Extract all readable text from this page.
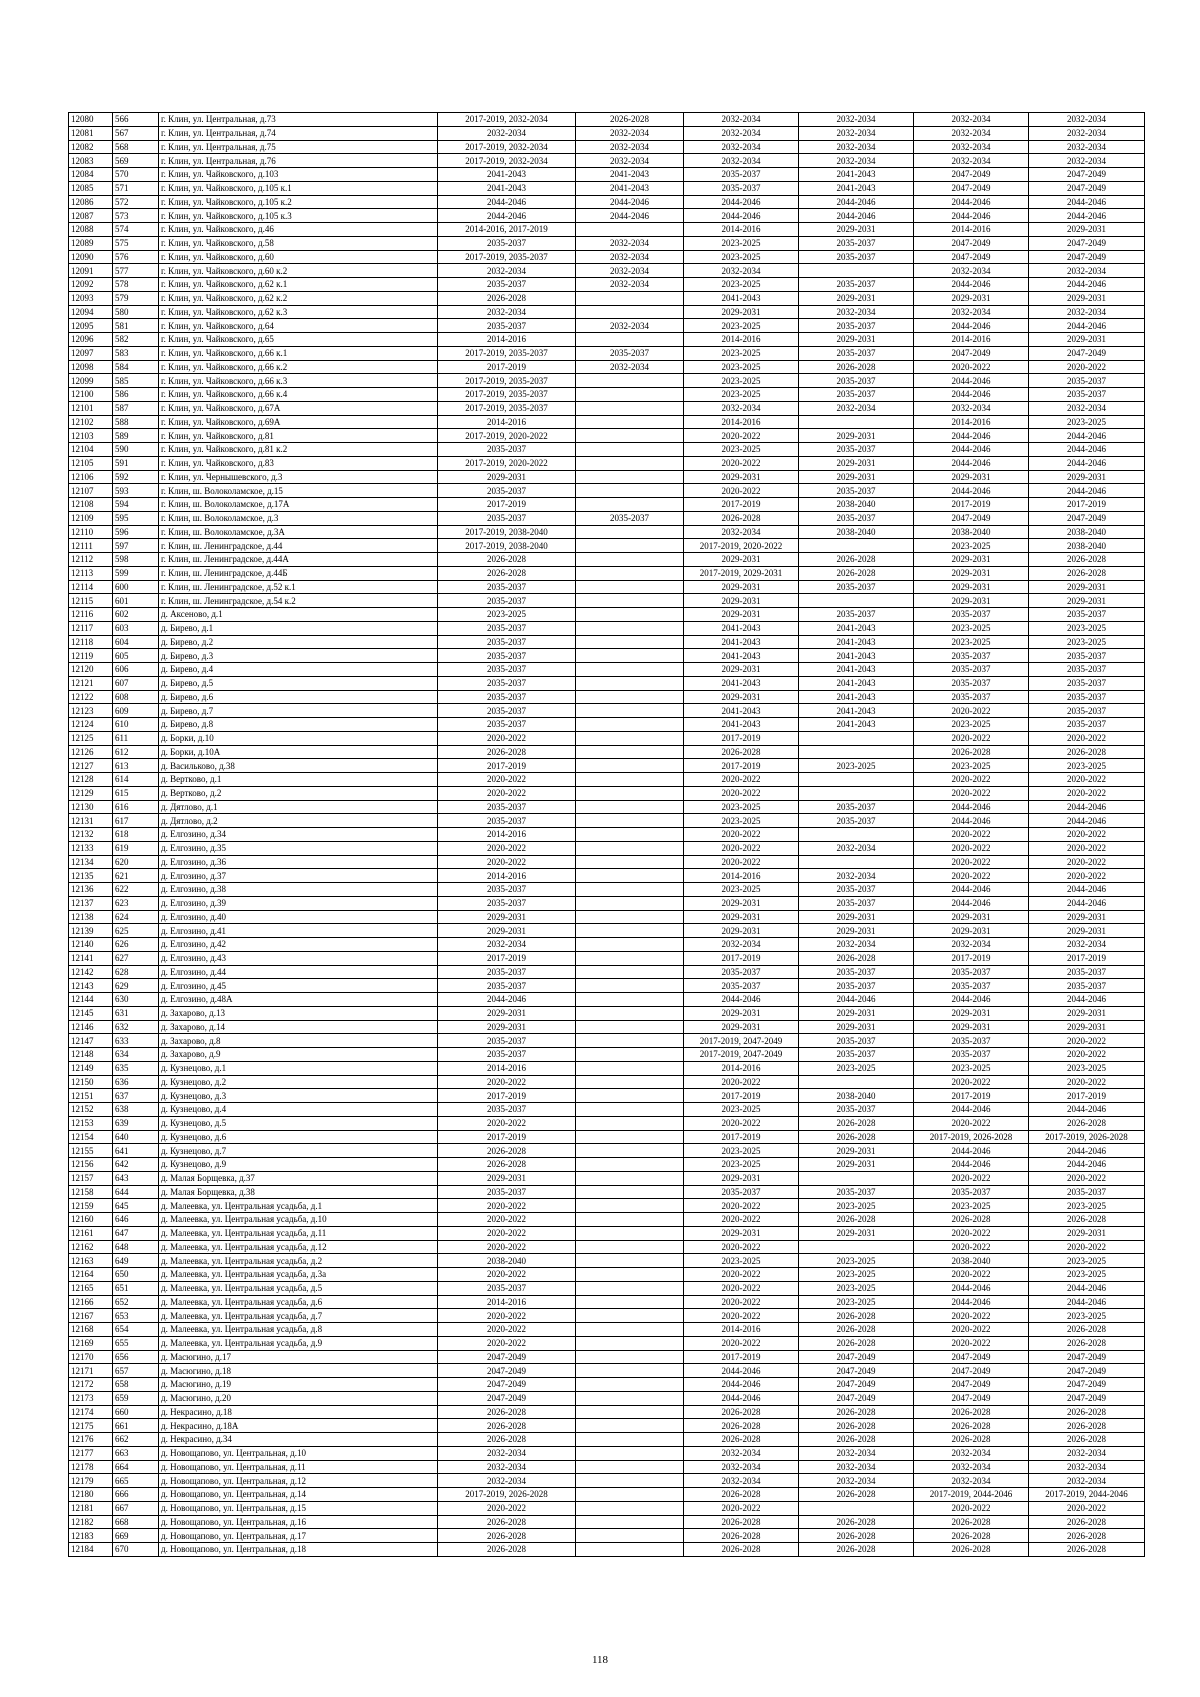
12080	566	г. Клин, ул. Центральная, д.73	2017-2019, 2032-2034	2026-2028	2032-2034	2032-2034	2032-2034	2032-2034
12081	567	г. Клин, ул. Центральная, д.74	2032-2034	2032-2034	2032-2034	2032-2034	2032-2034	2032-2034
12082	568	г. Клин, ул. Центральная, д.75	2017-2019, 2032-2034	2032-2034	2032-2034	2032-2034	2032-2034	2032-2034
12083	569	г. Клин, ул. Центральная, д.76	2017-2019, 2032-2034	2032-2034	2032-2034	2032-2034	2032-2034	2032-2034
12084	570	г. Клин, ул. Чайковского, д.103	2041-2043	2041-2043	2035-2037	2041-2043	2047-2049	2047-2049
12085	571	г. Клин, ул. Чайковского, д.105 к.1	2041-2043	2041-2043	2035-2037	2041-2043	2047-2049	2047-2049
12086	572	г. Клин, ул. Чайковского, д.105 к.2	2044-2046	2044-2046	2044-2046	2044-2046	2044-2046	2044-2046
12087	573	г. Клин, ул. Чайковского, д.105 к.3	2044-2046	2044-2046	2044-2046	2044-2046	2044-2046	2044-2046
12088	574	г. Клин, ул. Чайковского, д.46	2014-2016, 2017-2019		2014-2016	2029-2031	2014-2016	2029-2031
12089	575	г. Клин, ул. Чайковского, д.58	2035-2037	2032-2034	2023-2025	2035-2037	2047-2049	2047-2049
12090	576	г. Клин, ул. Чайковского, д.60	2017-2019, 2035-2037	2032-2034	2023-2025	2035-2037	2047-2049	2047-2049
12091	577	г. Клин, ул. Чайковского, д.60 к.2	2032-2034	2032-2034	2032-2034		2032-2034	2032-2034
12092	578	г. Клин, ул. Чайковского, д.62 к.1	2035-2037	2032-2034	2023-2025	2035-2037	2044-2046	2044-2046
12093	579	г. Клин, ул. Чайковского, д.62 к.2	2026-2028		2041-2043	2029-2031	2029-2031	2029-2031
12094	580	г. Клин, ул. Чайковского, д.62 к.3	2032-2034		2029-2031	2032-2034	2032-2034	2032-2034
12095	581	г. Клин, ул. Чайковского, д.64	2035-2037	2032-2034	2023-2025	2035-2037	2044-2046	2044-2046
12096	582	г. Клин, ул. Чайковского, д.65	2014-2016		2014-2016	2029-2031	2014-2016	2029-2031
12097	583	г. Клин, ул. Чайковского, д.66 к.1	2017-2019, 2035-2037	2035-2037	2023-2025	2035-2037	2047-2049	2047-2049
12098	584	г. Клин, ул. Чайковского, д.66 к.2	2017-2019	2032-2034	2023-2025	2026-2028	2020-2022	2020-2022
12099	585	г. Клин, ул. Чайковского, д.66 к.3	2017-2019, 2035-2037		2023-2025	2035-2037	2044-2046	2035-2037
12100	586	г. Клин, ул. Чайковского, д.66 к.4	2017-2019, 2035-2037		2023-2025	2035-2037	2044-2046	2035-2037
12101	587	г. Клин, ул. Чайковского, д.67А	2017-2019, 2035-2037		2032-2034	2032-2034	2032-2034	2032-2034
12102	588	г. Клин, ул. Чайковского, д.69А	2014-2016		2014-2016		2014-2016	2023-2025
12103	589	г. Клин, ул. Чайковского, д.81	2017-2019, 2020-2022		2020-2022	2029-2031	2044-2046	2044-2046
12104	590	г. Клин, ул. Чайковского, д.81 к.2	2035-2037		2023-2025	2035-2037	2044-2046	2044-2046
12105	591	г. Клин, ул. Чайковского, д.83	2017-2019, 2020-2022		2020-2022	2029-2031	2044-2046	2044-2046
12106	592	г. Клин, ул. Чернышевского, д.3	2029-2031		2029-2031	2029-2031	2029-2031	2029-2031
12107	593	г. Клин, ш. Волоколамское, д.15	2035-2037		2020-2022	2035-2037	2044-2046	2044-2046
12108	594	г. Клин, ш. Волоколамское, д.17А	2017-2019		2017-2019	2038-2040	2017-2019	2017-2019
12109	595	г. Клин, ш. Волоколамское, д.3	2035-2037	2035-2037	2026-2028	2035-2037	2047-2049	2047-2049
12110	596	г. Клин, ш. Волоколамское, д.3А	2017-2019, 2038-2040		2032-2034	2038-2040	2038-2040	2038-2040
12111	597	г. Клин, ш. Ленинградское, д.44	2017-2019, 2038-2040		2017-2019, 2020-2022		2023-2025	2038-2040
12112	598	г. Клин, ш. Ленинградское, д.44А	2026-2028		2029-2031	2026-2028	2029-2031	2026-2028
12113	599	г. Клин, ш. Ленинградское, д.44Б	2026-2028		2017-2019, 2029-2031	2026-2028	2029-2031	2026-2028
12114	600	г. Клин, ш. Ленинградское, д.52 к.1	2035-2037		2029-2031	2035-2037	2029-2031	2029-2031
12115	601	г. Клин, ш. Ленинградское, д.54 к.2	2035-2037		2029-2031		2029-2031	2029-2031
12116	602	д. Аксеново, д.1	2023-2025		2029-2031	2035-2037	2035-2037	2035-2037
12117	603	д. Бирево, д.1	2035-2037		2041-2043	2041-2043	2023-2025	2023-2025
12118	604	д. Бирево, д.2	2035-2037		2041-2043	2041-2043	2023-2025	2023-2025
12119	605	д. Бирево, д.3	2035-2037		2041-2043	2041-2043	2035-2037	2035-2037
12120	606	д. Бирево, д.4	2035-2037		2029-2031	2041-2043	2035-2037	2035-2037
12121	607	д. Бирево, д.5	2035-2037		2041-2043	2041-2043	2035-2037	2035-2037
12122	608	д. Бирево, д.6	2035-2037		2029-2031	2041-2043	2035-2037	2035-2037
12123	609	д. Бирево, д.7	2035-2037		2041-2043	2041-2043	2020-2022	2035-2037
12124	610	д. Бирево, д.8	2035-2037		2041-2043	2041-2043	2023-2025	2035-2037
12125	611	д. Борки, д.10	2020-2022		2017-2019		2020-2022	2020-2022
12126	612	д. Борки, д.10А	2026-2028		2026-2028		2026-2028	2026-2028
12127	613	д. Васильково, д.38	2017-2019		2017-2019	2023-2025	2023-2025	2023-2025
12128	614	д. Вертково, д.1	2020-2022		2020-2022		2020-2022	2020-2022
12129	615	д. Вертково, д.2	2020-2022		2020-2022		2020-2022	2020-2022
12130	616	д. Дятлово, д.1	2035-2037		2023-2025	2035-2037	2044-2046	2044-2046
12131	617	д. Дятлово, д.2	2035-2037		2023-2025	2035-2037	2044-2046	2044-2046
12132	618	д. Елгозино, д.34	2014-2016		2020-2022		2020-2022	2020-2022
12133	619	д. Елгозино, д.35	2020-2022		2020-2022	2032-2034	2020-2022	2020-2022
12134	620	д. Елгозино, д.36	2020-2022		2020-2022		2020-2022	2020-2022
12135	621	д. Елгозино, д.37	2014-2016		2014-2016	2032-2034	2020-2022	2020-2022
12136	622	д. Елгозино, д.38	2035-2037		2023-2025	2035-2037	2044-2046	2044-2046
12137	623	д. Елгозино, д.39	2035-2037		2029-2031	2035-2037	2044-2046	2044-2046
12138	624	д. Елгозино, д.40	2029-2031		2029-2031	2029-2031	2029-2031	2029-2031
12139	625	д. Елгозино, д.41	2029-2031		2029-2031	2029-2031	2029-2031	2029-2031
12140	626	д. Елгозино, д.42	2032-2034		2032-2034	2032-2034	2032-2034	2032-2034
12141	627	д. Елгозино, д.43	2017-2019		2017-2019	2026-2028	2017-2019	2017-2019
12142	628	д. Елгозино, д.44	2035-2037		2035-2037	2035-2037	2035-2037	2035-2037
12143	629	д. Елгозино, д.45	2035-2037		2035-2037	2035-2037	2035-2037	2035-2037
12144	630	д. Елгозино, д.48А	2044-2046		2044-2046	2044-2046	2044-2046	2044-2046
12145	631	д. Захарово, д.13	2029-2031		2029-2031	2029-2031	2029-2031	2029-2031
12146	632	д. Захарово, д.14	2029-2031		2029-2031	2029-2031	2029-2031	2029-2031
12147	633	д. Захарово, д.8	2035-2037		2017-2019, 2047-2049	2035-2037	2035-2037	2020-2022
12148	634	д. Захарово, д.9	2035-2037		2017-2019, 2047-2049	2035-2037	2035-2037	2020-2022
12149	635	д. Кузнецово, д.1	2014-2016		2014-2016	2023-2025	2023-2025	2023-2025
12150	636	д. Кузнецово, д.2	2020-2022		2020-2022		2020-2022	2020-2022
12151	637	д. Кузнецово, д.3	2017-2019		2017-2019	2038-2040	2017-2019	2017-2019
12152	638	д. Кузнецово, д.4	2035-2037		2023-2025	2035-2037	2044-2046	2044-2046
12153	639	д. Кузнецово, д.5	2020-2022		2020-2022	2026-2028	2020-2022	2026-2028
12154	640	д. Кузнецово, д.6	2017-2019		2017-2019	2026-2028	2017-2019, 2026-2028	2017-2019, 2026-2028
12155	641	д. Кузнецово, д.7	2026-2028		2023-2025	2029-2031	2044-2046	2044-2046
12156	642	д. Кузнецово, д.9	2026-2028		2023-2025	2029-2031	2044-2046	2044-2046
12157	643	д. Малая Борщевка, д.37	2029-2031		2029-2031		2020-2022	2020-2022
12158	644	д. Малая Борщевка, д.38	2035-2037		2035-2037	2035-2037	2035-2037	2035-2037
12159	645	д. Малеевка, ул. Центральная усадьба, д.1	2020-2022		2020-2022	2023-2025	2023-2025	2023-2025
12160	646	д. Малеевка, ул. Центральная усадьба, д.10	2020-2022		2020-2022	2026-2028	2026-2028	2026-2028
12161	647	д. Малеевка, ул. Центральная усадьба, д.11	2020-2022		2029-2031	2029-2031	2020-2022	2029-2031
12162	648	д. Малеевка, ул. Центральная усадьба, д.12	2020-2022		2020-2022		2020-2022	2020-2022
12163	649	д. Малеевка, ул. Центральная усадьба, д.2	2038-2040		2023-2025	2023-2025	2038-2040	2023-2025
12164	650	д. Малеевка, ул. Центральная усадьба, д.3а	2020-2022		2020-2022	2023-2025	2020-2022	2023-2025
12165	651	д. Малеевка, ул. Центральная усадьба, д.5	2035-2037		2020-2022	2023-2025	2044-2046	2044-2046
12166	652	д. Малеевка, ул. Центральная усадьба, д.6	2014-2016		2020-2022	2023-2025	2044-2046	2044-2046
12167	653	д. Малеевка, ул. Центральная усадьба, д.7	2020-2022		2020-2022	2026-2028	2020-2022	2023-2025
12168	654	д. Малеевка, ул. Центральная усадьба, д.8	2020-2022		2014-2016	2026-2028	2020-2022	2026-2028
12169	655	д. Малеевка, ул. Центральная усадьба, д.9	2020-2022		2020-2022	2026-2028	2020-2022	2026-2028
12170	656	д. Масюгино, д.17	2047-2049		2017-2019	2047-2049	2047-2049	2047-2049
12171	657	д. Масюгино, д.18	2047-2049		2044-2046	2047-2049	2047-2049	2047-2049
12172	658	д. Масюгино, д.19	2047-2049		2044-2046	2047-2049	2047-2049	2047-2049
12173	659	д. Масюгино, д.20	2047-2049		2044-2046	2047-2049	2047-2049	2047-2049
12174	660	д. Некрасино, д.18	2026-2028		2026-2028	2026-2028	2026-2028	2026-2028
12175	661	д. Некрасино, д.18А	2026-2028		2026-2028	2026-2028	2026-2028	2026-2028
12176	662	д. Некрасино, д.34	2026-2028		2026-2028	2026-2028	2026-2028	2026-2028
12177	663	д. Новощапово, ул. Центральная, д.10	2032-2034		2032-2034	2032-2034	2032-2034	2032-2034
12178	664	д. Новощапово, ул. Центральная, д.11	2032-2034		2032-2034	2032-2034	2032-2034	2032-2034
12179	665	д. Новощапово, ул. Центральная, д.12	2032-2034		2032-2034	2032-2034	2032-2034	2032-2034
12180	666	д. Новощапово, ул. Центральная, д.14	2017-2019, 2026-2028		2026-2028	2026-2028	2017-2019, 2044-2046	2017-2019, 2044-2046
12181	667	д. Новощапово, ул. Центральная, д.15	2020-2022		2020-2022		2020-2022	2020-2022
12182	668	д. Новощапово, ул. Центральная, д.16	2026-2028		2026-2028	2026-2028	2026-2028	2026-2028
12183	669	д. Новощапово, ул. Центральная, д.17	2026-2028		2026-2028	2026-2028	2026-2028	2026-2028
12184	670	д. Новощапово, ул. Центральная, д.18	2026-2028		2026-2028	2026-2028	2026-2028	2026-2028
118
